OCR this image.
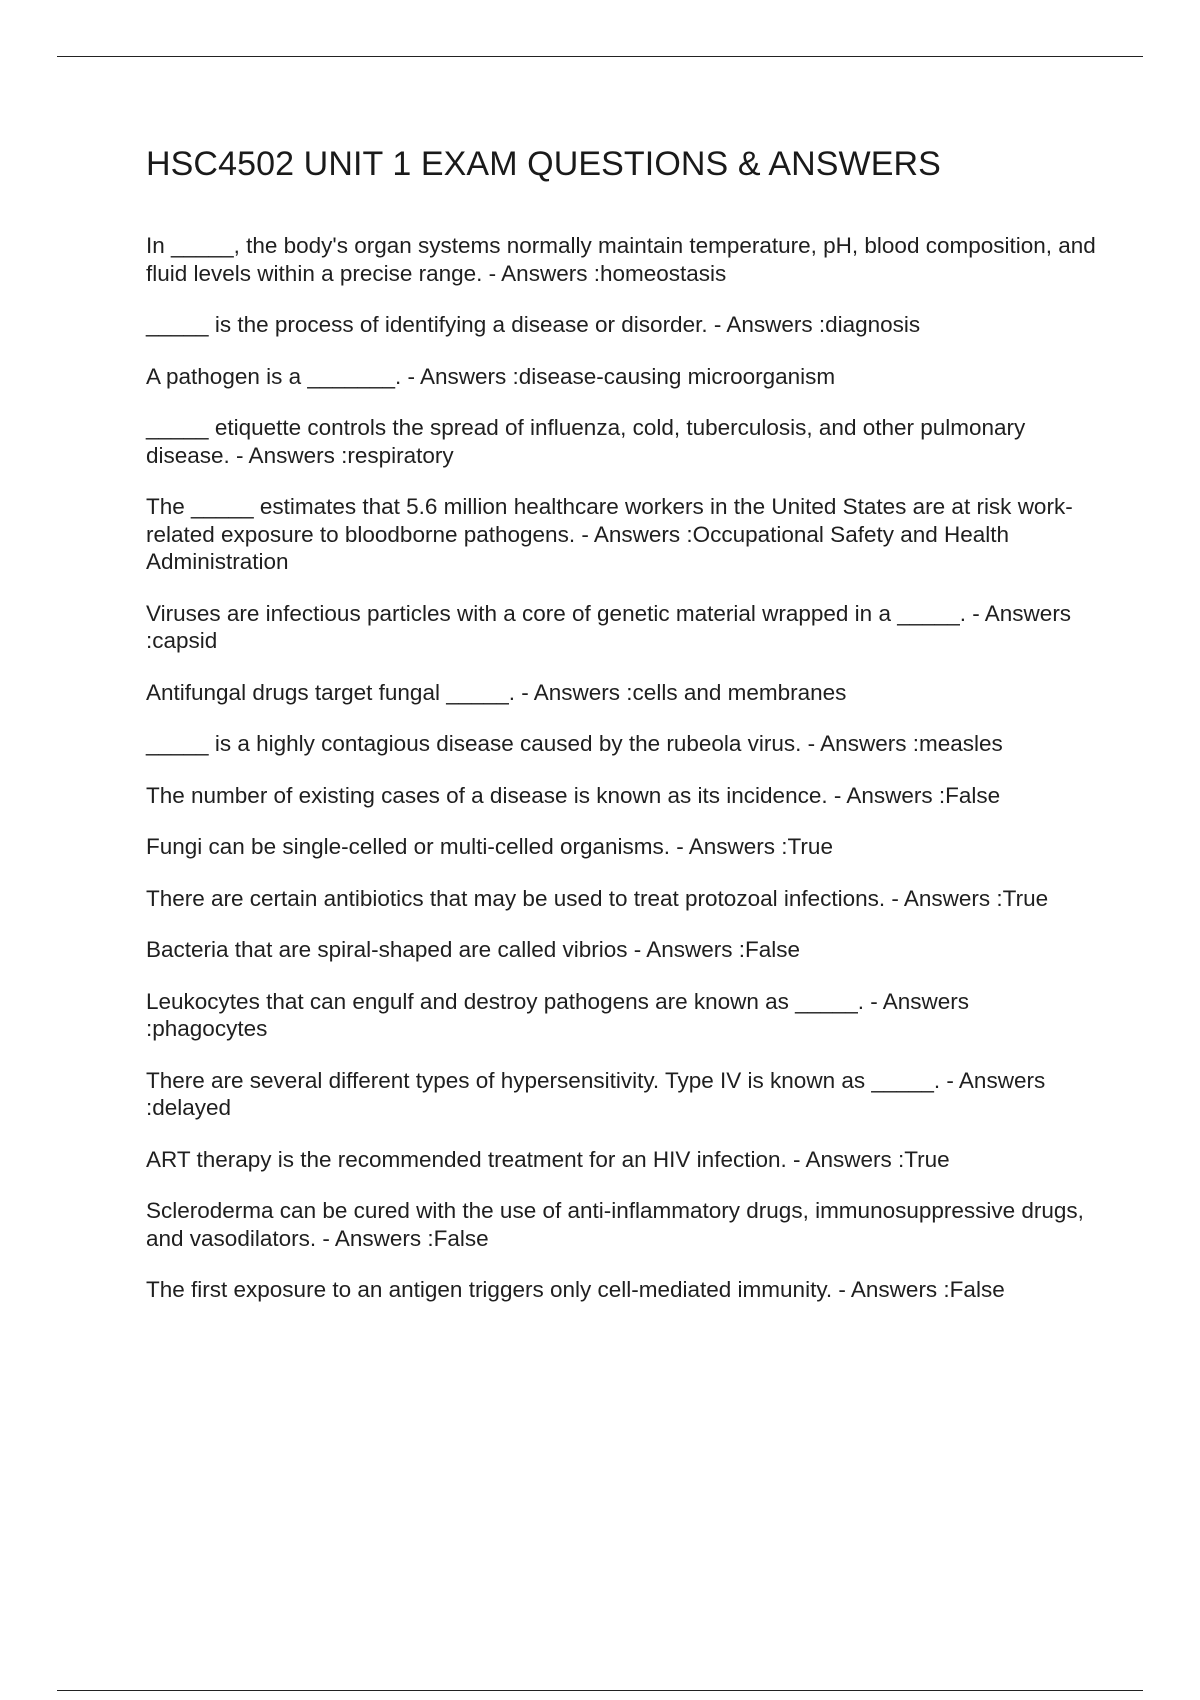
HSC4502 UNIT 1 EXAM QUESTIONS & ANSWERS
In _____, the body's organ systems normally maintain temperature, pH, blood composition, and fluid levels within a precise range. - Answers :homeostasis
_____ is the process of identifying a disease or disorder. - Answers :diagnosis
A pathogen is a _______. - Answers :disease-causing microorganism
_____ etiquette controls the spread of influenza, cold, tuberculosis, and other pulmonary disease. - Answers :respiratory
The _____ estimates that 5.6 million healthcare workers in the United States are at risk work-related exposure to bloodborne pathogens. - Answers :Occupational Safety and Health Administration
Viruses are infectious particles with a core of genetic material wrapped in a _____. - Answers :capsid
Antifungal drugs target fungal _____. - Answers :cells and membranes
_____ is a highly contagious disease caused by the rubeola virus. - Answers :measles
The number of existing cases of a disease is known as its incidence. - Answers :False
Fungi can be single-celled or multi-celled organisms. - Answers :True
There are certain antibiotics that may be used to treat protozoal infections. - Answers :True
Bacteria that are spiral-shaped are called vibrios - Answers :False
Leukocytes that can engulf and destroy pathogens are known as _____. - Answers :phagocytes
There are several different types of hypersensitivity. Type IV is known as _____. - Answers :delayed
ART therapy is the recommended treatment for an HIV infection. - Answers :True
Scleroderma can be cured with the use of anti-inflammatory drugs, immunosuppressive drugs, and vasodilators. - Answers :False
The first exposure to an antigen triggers only cell-mediated immunity. - Answers :False
